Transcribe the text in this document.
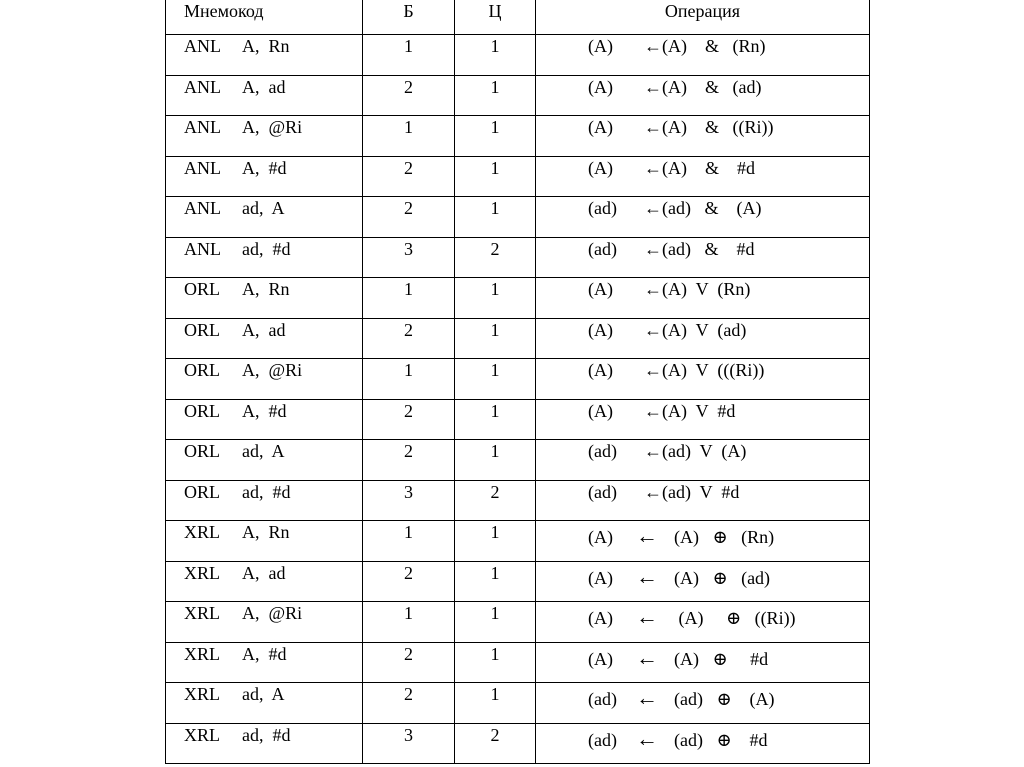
Мнемокод	Б	Ц	Операция
ANL A,  Rn	1	1	(A) ←(A)    &   (Rn)
ANL A,  ad	2	1	(A) ←(A)    &   (ad)
ANL A,  @Ri	1	1	(A) ←(A)    &   ((Ri))
ANL A,  #d	2	1	(A) ←(A)    &    #d
ANL ad,  A	2	1	(ad) ←(ad)   &    (A)
ANL ad,  #d	3	2	(ad) ←(ad)   &    #d
ORL A,  Rn	1	1	(A) ←(A)  V  (Rn)
ORL A,  ad	2	1	(A) ←(A)  V  (ad)
ORL A,  @Ri	1	1	(A) ←(A)  V  (((Ri))
ORL A,  #d	2	1	(A) ←(A)  V  #d
ORL ad,  A	2	1	(ad) ←(ad)  V  (A)
ORL ad,  #d	3	2	(ad) ←(ad)  V  #d
XRL A,  Rn	1	1	(A) ← (A)   ⊕   (Rn)
XRL A,  ad	2	1	(A) ← (A)   ⊕   (ad)
XRL A,  @Ri	1	1	(A) ← (A)     ⊕   ((Ri))
XRL A,  #d	2	1	(A) ← (A)   ⊕     #d
XRL ad,  A	2	1	(ad) ← (ad)   ⊕    (A)
XRL ad,  #d	3	2	(ad) ← (ad)   ⊕    #d
